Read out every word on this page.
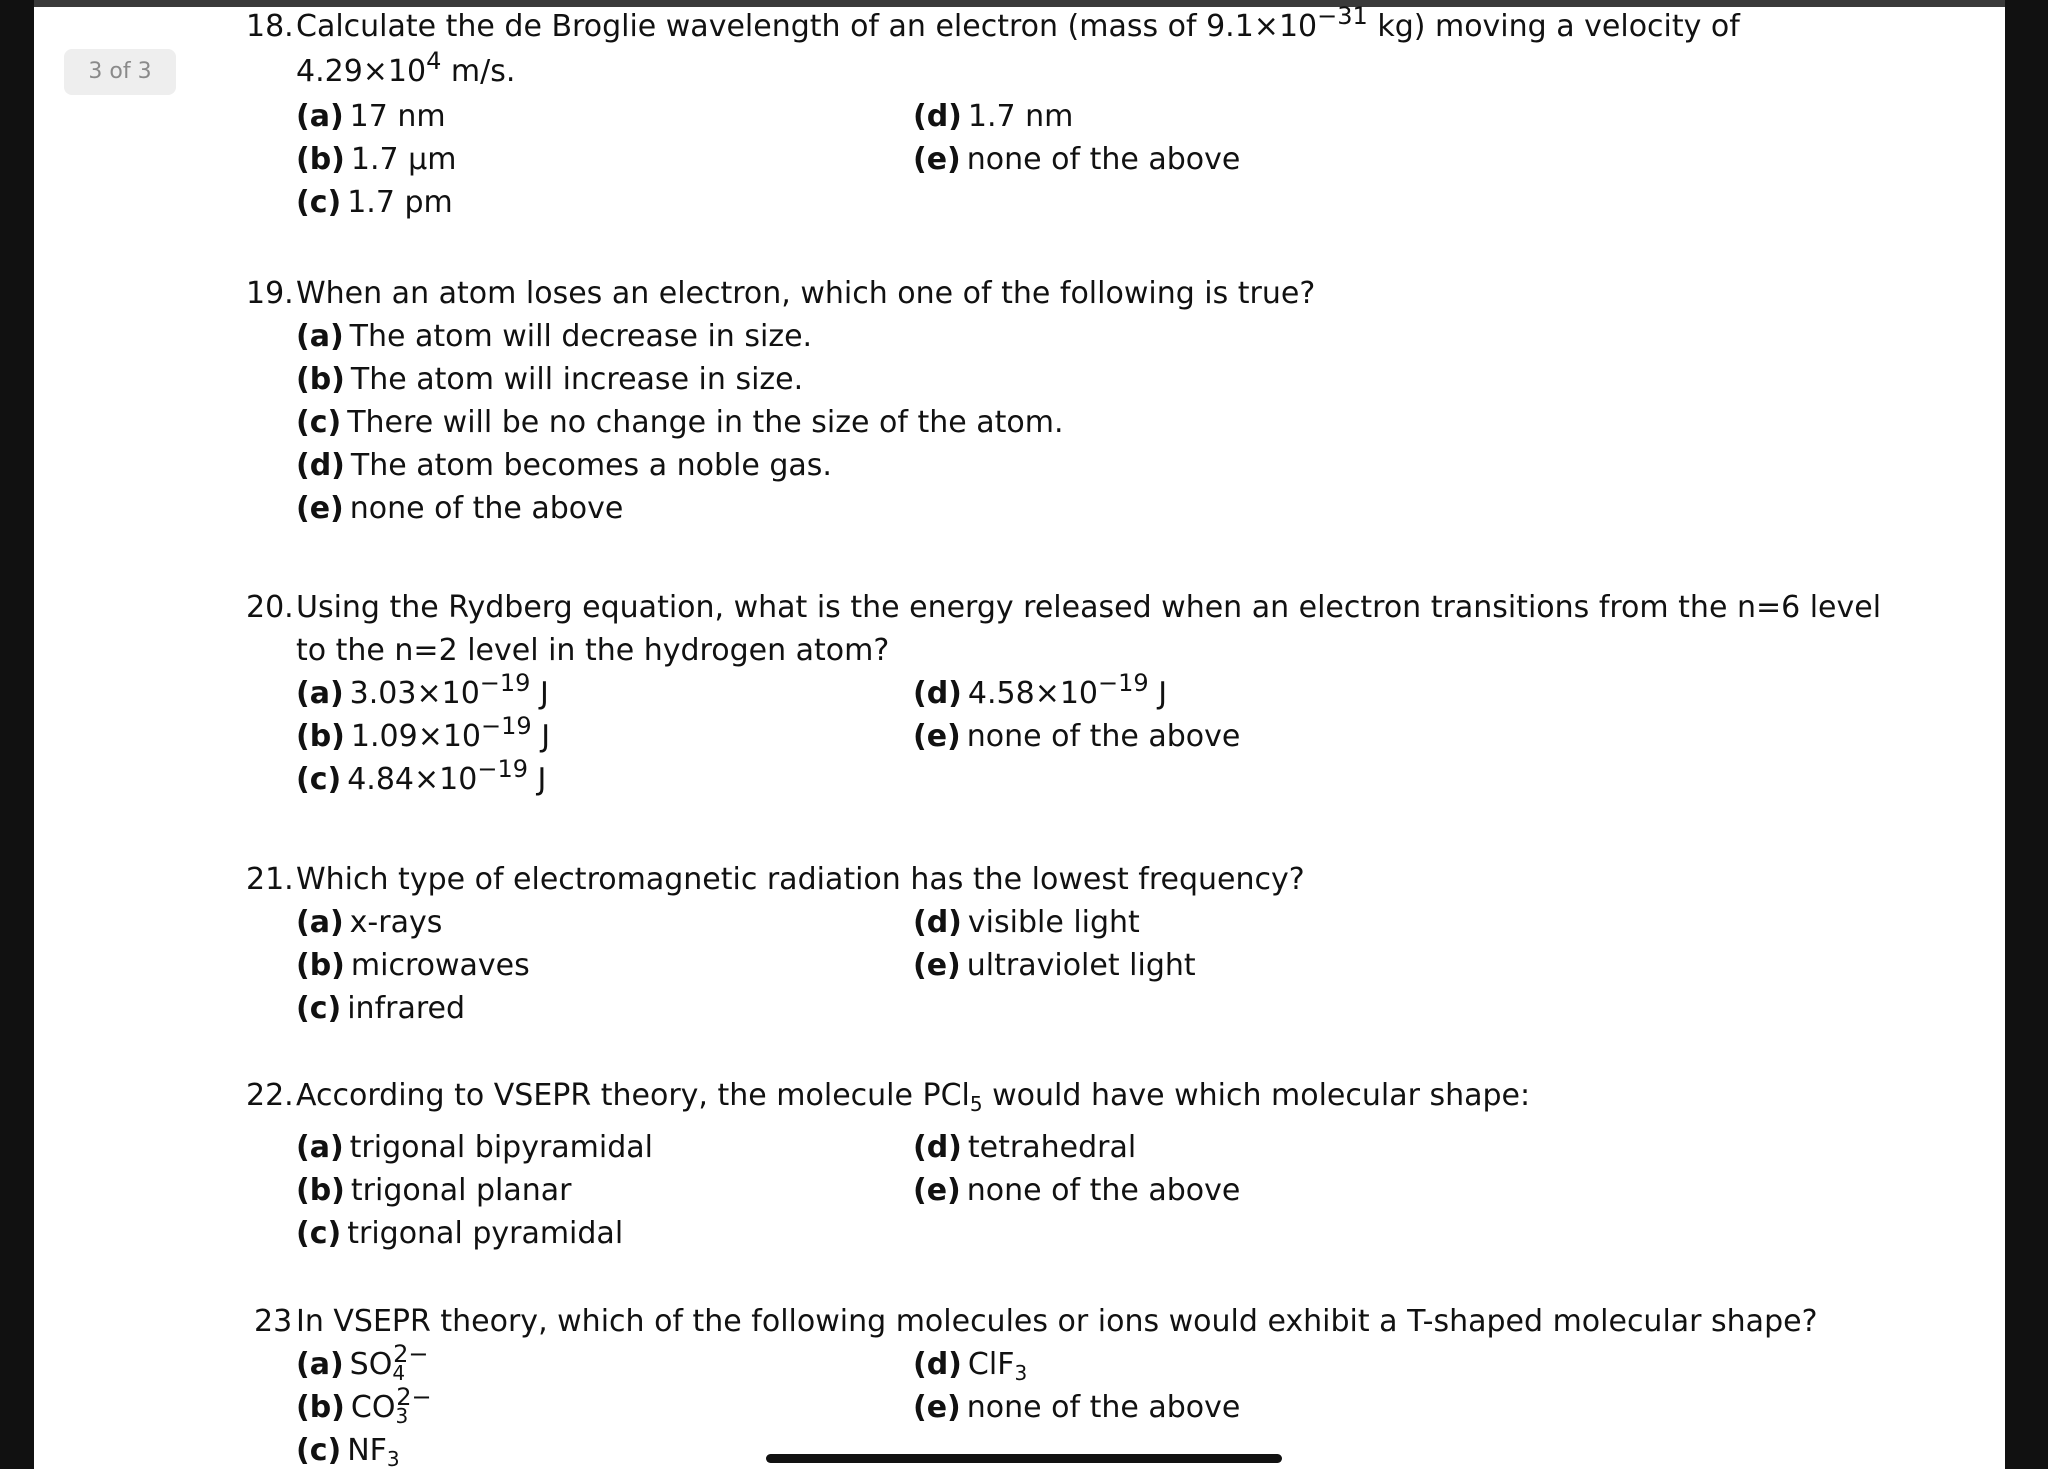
3 of 3
18. Calculate the de Broglie wavelength of an electron (mass of 9.1×10−31 kg) moving a velocity of
4.29×104 m/s.
(a) 17 nm	(d) 1.7 nm
(b) 1.7 μm	(e) none of the above
(c) 1.7 pm
19. When an atom loses an electron, which one of the following is true?
(a) The atom will decrease in size.
(b) The atom will increase in size.
(c) There will be no change in the size of the atom.
(d) The atom becomes a noble gas.
(e) none of the above
20. Using the Rydberg equation, what is the energy released when an electron transitions from the n=6 level
to the n=2 level in the hydrogen atom?
(a) 3.03×10−19 J	(d) 4.58×10−19 J
(b) 1.09×10−19 J	(e) none of the above
(c) 4.84×10−19 J
21. Which type of electromagnetic radiation has the lowest frequency?
(a) x-rays	(d) visible light
(b) microwaves	(e) ultraviolet light
(c) infrared
22. According to VSEPR theory, the molecule PCl$_5$ would have which molecular shape:
(a) trigonal bipyramidal	(d) tetrahedral
(b) trigonal planar	(e) none of the above
(c) trigonal pyramidal
23 In VSEPR theory, which of the following molecules or ions would exhibit a T-shaped molecular shape?
(a) $SO_42-$	(d) ClF$_3$
(b) $CO_32-$	(e) none of the above
(c) $NF_3$
